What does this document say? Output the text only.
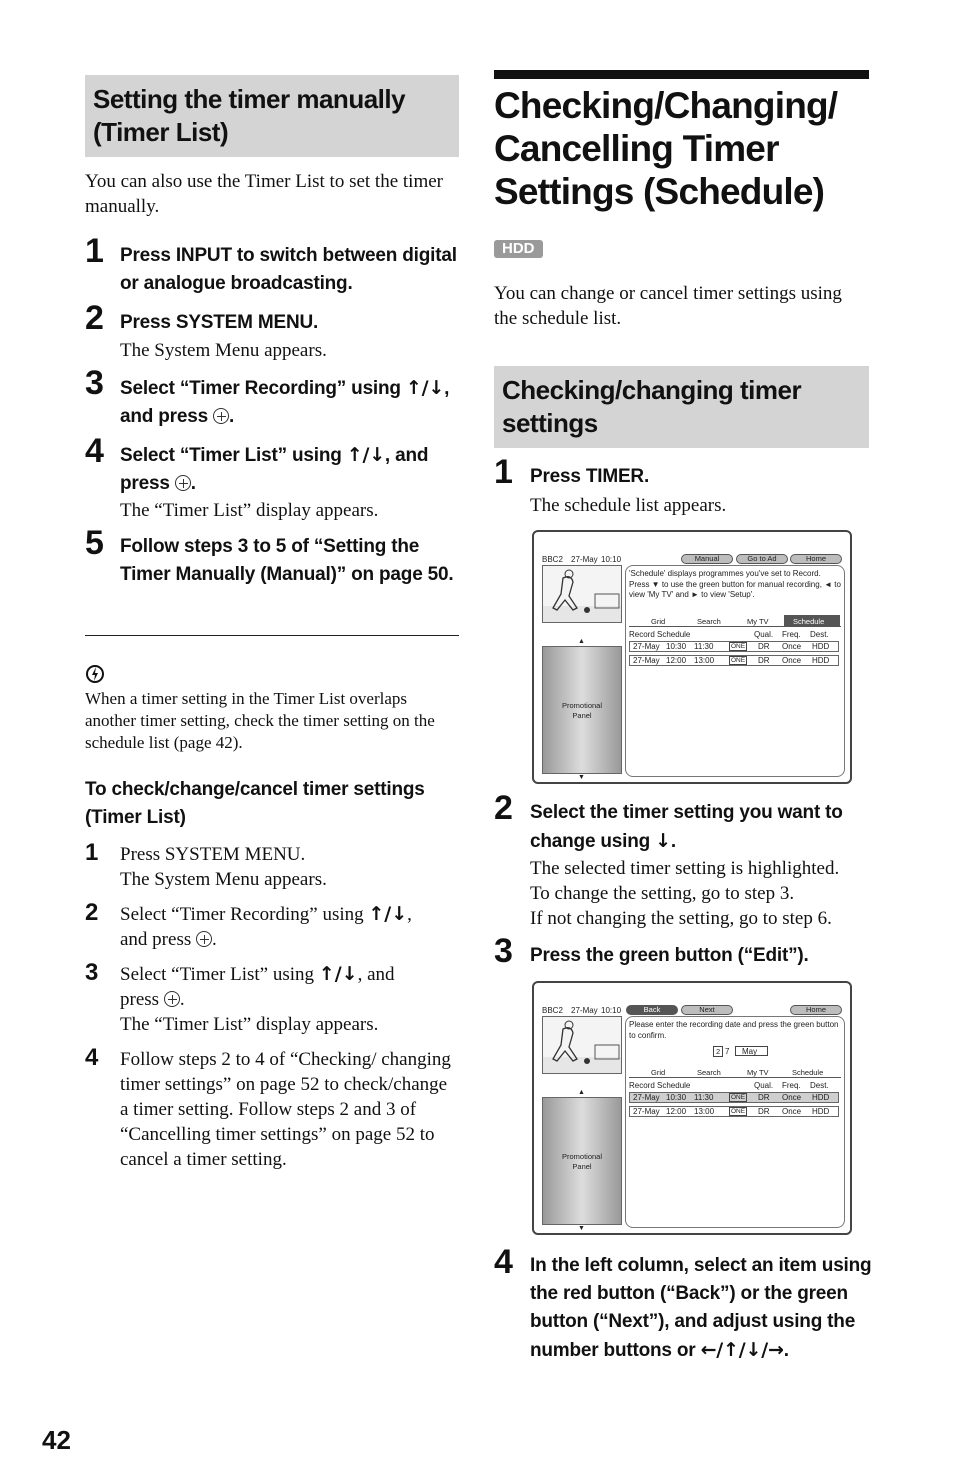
Setting the timer manually (Timer List)
You can also use the Timer List to set the timer manually.
1 Press INPUT to switch between digital or analogue broadcasting.
2 Press SYSTEM MENU.
The System Menu appears.
3 Select “Timer Recording” using ↑/↓, and press .
4 Select “Timer List” using ↑/↓, and press .
The “Timer List” display appears.
5 Follow steps 3 to 5 of “Setting the Timer Manually (Manual)” on page 50.
When a timer setting in the Timer List overlaps another timer setting, check the timer setting on the schedule list (page 42).
To check/change/cancel timer settings (Timer List)
1 Press SYSTEM MENU.
The System Menu appears.
2 Select “Timer Recording” using ↑/↓,
and press .
3 Select “Timer List” using ↑/↓, and
press .
The “Timer List” display appears.
4 Follow steps 2 to 4 of “Checking/ changing timer settings” on page 52 to check/change a timer setting. Follow steps 2 and 3 of “Cancelling timer settings” on page 52 to cancel a timer setting.
42
Checking/Changing/
Cancelling Timer
Settings (Schedule)
HDD
You can change or cancel timer settings using the schedule list.
Checking/changing timer settings
1 Press TIMER.
The schedule list appears.
BBC2 27-May 10:10	Manual	Go to Ad	Home
▲
Promotional Panel
▼
'Schedule' displays programmes you've set to Record. Press ▼ to use the green button for manual recording, ◄ to view 'My TV' and ► to view 'Setup'.
Grid	Search	My TV	Schedule
Record Schedule	Qual. Freq. Dest.
27-May 10:30 11:30	ONE DR Once HDD
27-May 12:00 13:00	ONE DR Once HDD
2 Select the timer setting you want to change using ↓.
The selected timer setting is highlighted.
To change the setting, go to step 3.
If not changing the setting, go to step 6.
3 Press the green button (“Edit”).
BBC2 27-May 10:10	Back	Next	Home
▲
Promotional Panel
▼
Please enter the recording date and press the green button to confirm.
2 7 May
Grid	Search	My TV	Schedule
Record Schedule	Qual. Freq. Dest.
27-May 10:30 11:30	ONE DR Once HDD
27-May 12:00 13:00	ONE DR Once HDD
4 In the left column, select an item using the red button (“Back”) or the green button (“Next”), and adjust using the number buttons or ←/↑/↓/→.
